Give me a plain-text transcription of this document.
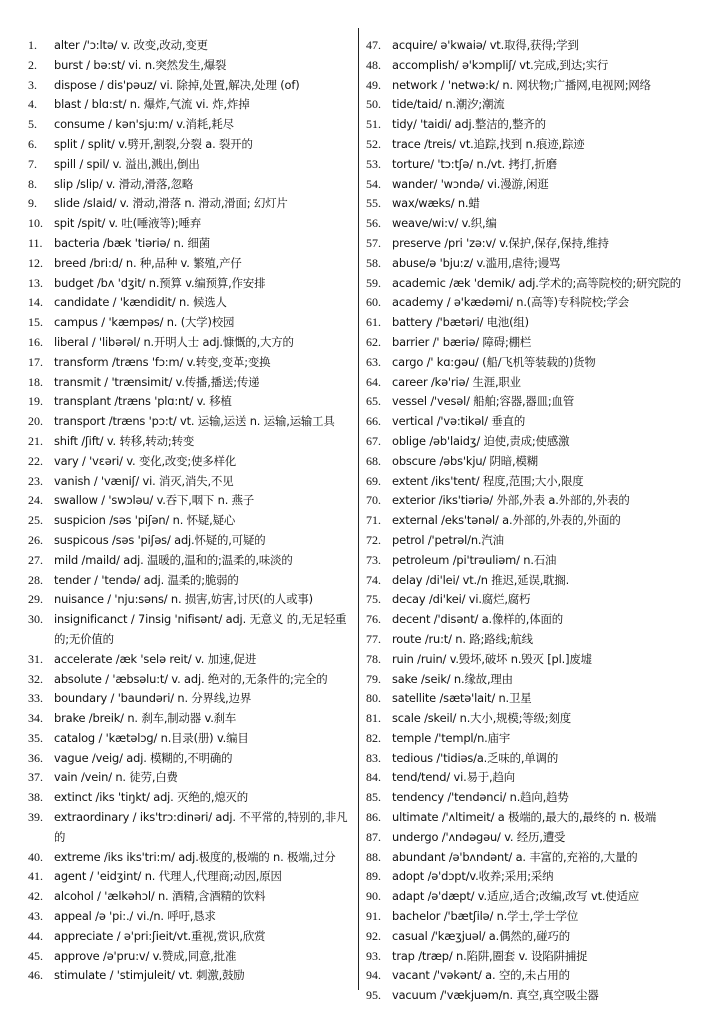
1.	alter /'ɔ:ltə/ v. 改变,改动,变更
2.	burst / bə:st/ vi. n.突然发生,爆裂
3.	dispose / dis'pəuz/ vi. 除掉,处置,解决,处理 (of)
4.	blast / blɑ:st/ n. 爆炸,气流 vi. 炸,炸掉
5.	consume / kən'sju:m/ v.消耗,耗尽
6.	split / split/ v.劈开,割裂,分裂 a. 裂开的
7.	spill / spil/ v. 溢出,溅出,倒出
8.	slip /slip/ v. 滑动,滑落,忽略
9.	slide /slaid/ v. 滑动,滑落 n. 滑动,滑面; 幻灯片
10. spit /spit/ v. 吐(唾液等);唾弃
11.	bacteria /bæk 'tiəriə/ n. 细菌
12. breed /bri:d/ n. 种,品种 v. 繁殖,产仔
13. budget /bʌ 'dʒit/ n.预算 v.编预算,作安排
14. candidate / 'kændidit/ n. 候选人
15. campus / 'kæmpəs/ n. (大学)校园
16. liberal / 'libərəl/ n.开明人士 adj.慷慨的,大方的
17. transform /træns 'fɔ:m/ v.转变,变革;变换
18. transmit / 'trænsimit/ v.传播,播送;传递
19. transplant /træns 'plɑ:nt/ v. 移植
20. transport /træns 'pɔ:t/ vt. 运输,运送 n. 运输,运输工具
21. shift /ʃift/ v. 转移,转动;转变
22. vary / 'vεəri/ v. 变化,改变;使多样化
23. vanish / 'væniʃ/ vi. 消灭,消失,不见
24. swallow / 'swɔləu/ v.吞下,咽下 n. 燕子
25. suspicion /səs 'piʃən/ n. 怀疑,疑心
26. suspicous /səs 'piʃəs/ adj.怀疑的,可疑的
27. mild /maild/ adj. 温暖的,温和的;温柔的,味淡的
28. tender / 'tendə/ adj. 温柔的;脆弱的
29. nuisance / 'nju:səns/ n. 损害,妨害,讨厌(的人或事)
30. insignificanct / 7insig 'nifisənt/ adj. 无意义 的,无足轻重的;无价值的
31. accelerate /æk 'selə reit/ v. 加速,促进
32. absolute / 'æbsəlu:t/ v. adj. 绝对的,无条件的;完全的
33. boundary / 'baundəri/ n. 分界线,边界
34. brake /breik/ n. 刹车,制动器 v.刹车
35. catalog / 'kætəlɔg/ n.目录(册) v.编目
36. vague /veig/ adj. 模糊的,不明确的
37. vain /vein/ n. 徒劳,白费
38. extinct /iks 'tiŋkt/ adj. 灭绝的,熄灭的
39. extraordinary / iks'trɔ:dinəri/ adj. 不平常的,特别的,非凡的
40. extreme /iks iks'tri:m/ adj.极度的,极端的 n. 极端,过分
41. agent / 'eidʒint/ n. 代理人,代理商;动因,原因
42. alcohol / 'ælkəhɔl/ n. 酒精,含酒精的饮料
43. appeal /ə 'pi:./ vi./n. 呼吁,恳求
44. appreciate / ə'pri:ʃieit/vt.重视,赏识,欣赏
45. approve /ə'pru:v/ v.赞成,同意,批准
46. stimulate / 'stimjuleit/ vt. 刺激,鼓励
47. acquire/ ə'kwaiə/ vt.取得,获得;学到
48. accomplish/ ə'kɔmpliʃ/ vt.完成,到达;实行
49. network / 'netwə:k/ n. 网状物;广播网,电视网;网络
50. tide/taid/ n.潮汐;潮流
51. tidy/ 'taidi/ adj.整洁的,整齐的
52. trace /treis/ vt.追踪,找到 n.痕迹,踪迹
53. torture/ 'tɔ:tʃə/ n./vt. 拷打,折磨
54. wander/ 'wɔndə/ vi.漫游,闲逛
55. wax/wæks/ n.蜡
56. weave/wi:v/ v.织,编
57. preserve /pri 'zə:v/ v.保护,保存,保持,维持
58. abuse/ə 'bju:z/ v.滥用,虐待;谩骂
59. academic /æk 'demik/ adj.学术的;高等院校的;研究院的
60. academy / ə'kædəmi/ n.(高等)专科院校;学会
61. battery /'bætəri/ 电池(组)
62. barrier /' bæriə/ 障碍;棚栏
63. cargo /' kɑ:gəu/ (船/飞机等装载的)货物
64. career /kə'riə/ 生涯,职业
65. vessel /'vesəl/ 船舶;容器,器皿;血管
66. vertical /'və:tikəl/ 垂直的
67. oblige /əb'laidʒ/ 迫使,责成;使感激
68. obscure /əbs'kju/ 阴暗,模糊
69. extent /iks'tent/ 程度,范围;大小,限度
70. exterior /iks'tiəriə/ 外部,外表 a.外部的,外表的
71. external /eks'tənəl/ a.外部的,外表的,外面的
72. petrol /'petrəl/n.汽油
73. petroleum /pi'trəuliəm/ n.石油
74. delay /di'lei/ vt./n 推迟,延误,耽搁.
75. decay /di'kei/ vi.腐烂,腐朽
76. decent /'disənt/ a.像样的,体面的
77. route /ru:t/ n. 路;路线;航线
78. ruin /ruin/ v.毁坏,破坏 n.毁灭 [pl.]废墟
79. sake /seik/ n.缘故,理由
80. satellite /sætə'lait/ n.卫星
81. scale /skeil/ n.大小,规模;等级;刻度
82. temple /'templ/n.庙宇
83. tedious /'tidiəs/a.乏味的,单调的
84. tend/tend/ vi.易于,趋向
85. tendency /'tendənci/ n.趋向,趋势
86. ultimate /'ʌltimeit/ a 极端的,最大的,最终的 n. 极端
87. undergo /'ʌndəgəu/ v. 经历,遭受
88. abundant /ə'bʌndənt/ a. 丰富的,充裕的,大量的
89. adopt /ə'dɔpt/v.收养;采用;采纳
90. adapt /ə'dæpt/ v.适应,适合;改编,改写 vt.使适应
91. bachelor /'bætʃilə/ n.学士,学士学位
92. casual /'kæʒjuəl/ a.偶然的,碰巧的
93. trap /træp/ n.陷阱,圈套 v. 设陷阱捕捉
94. vacant /'vəkənt/ a. 空的,未占用的
95. vacuum /'vækjuəm/n. 真空,真空吸尘器
